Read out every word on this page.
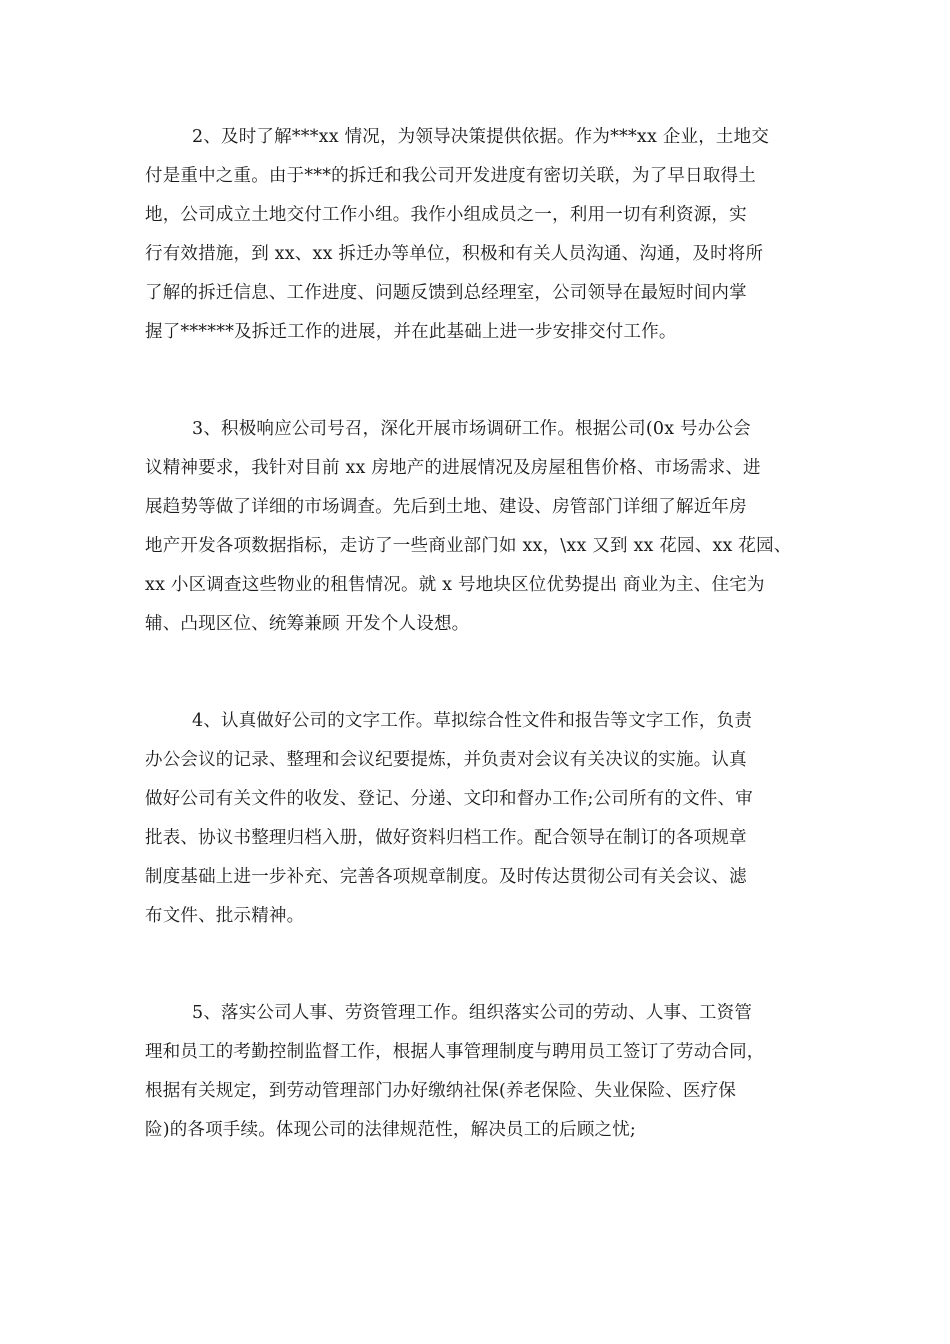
2、及时了解***xx 情况，为领导决策提供依据。作为***xx 企业，土地交
付是重中之重。由于***的拆迁和我公司开发进度有密切关联，为了早日取得土
地，公司成立土地交付工作小组。我作小组成员之一，利用一切有利资源，实
行有效措施，到 xx、xx 拆迁办等单位，积极和有关人员沟通、沟通，及时将所
了解的拆迁信息、工作进度、问题反馈到总经理室，公司领导在最短时间内掌
握了******及拆迁工作的进展，并在此基础上进一步安排交付工作。
3、积极响应公司号召，深化开展市场调研工作。根据公司(0x 号办公会
议精神要求，我针对目前 xx 房地产的进展情况及房屋租售价格、市场需求、进
展趋势等做了详细的市场调查。先后到土地、建设、房管部门详细了解近年房
地产开发各项数据指标，走访了一些商业部门如 xx，\xx 又到 xx 花园、xx 花园、
xx 小区调查这些物业的租售情况。就 x 号地块区位优势提出 商业为主、住宅为
辅、凸现区位、统筹兼顾 开发个人设想。
4、认真做好公司的文字工作。草拟综合性文件和报告等文字工作，负责
办公会议的记录、整理和会议纪要提炼，并负责对会议有关决议的实施。认真
做好公司有关文件的收发、登记、分递、文印和督办工作;公司所有的文件、审
批表、协议书整理归档入册，做好资料归档工作。配合领导在制订的各项规章
制度基础上进一步补充、完善各项规章制度。及时传达贯彻公司有关会议、滤
布文件、批示精神。
5、落实公司人事、劳资管理工作。组织落实公司的劳动、人事、工资管
理和员工的考勤控制监督工作，根据人事管理制度与聘用员工签订了劳动合同，
根据有关规定，到劳动管理部门办好缴纳社保(养老保险、失业保险、医疗保
险)的各项手续。体现公司的法律规范性，解决员工的后顾之忧;
